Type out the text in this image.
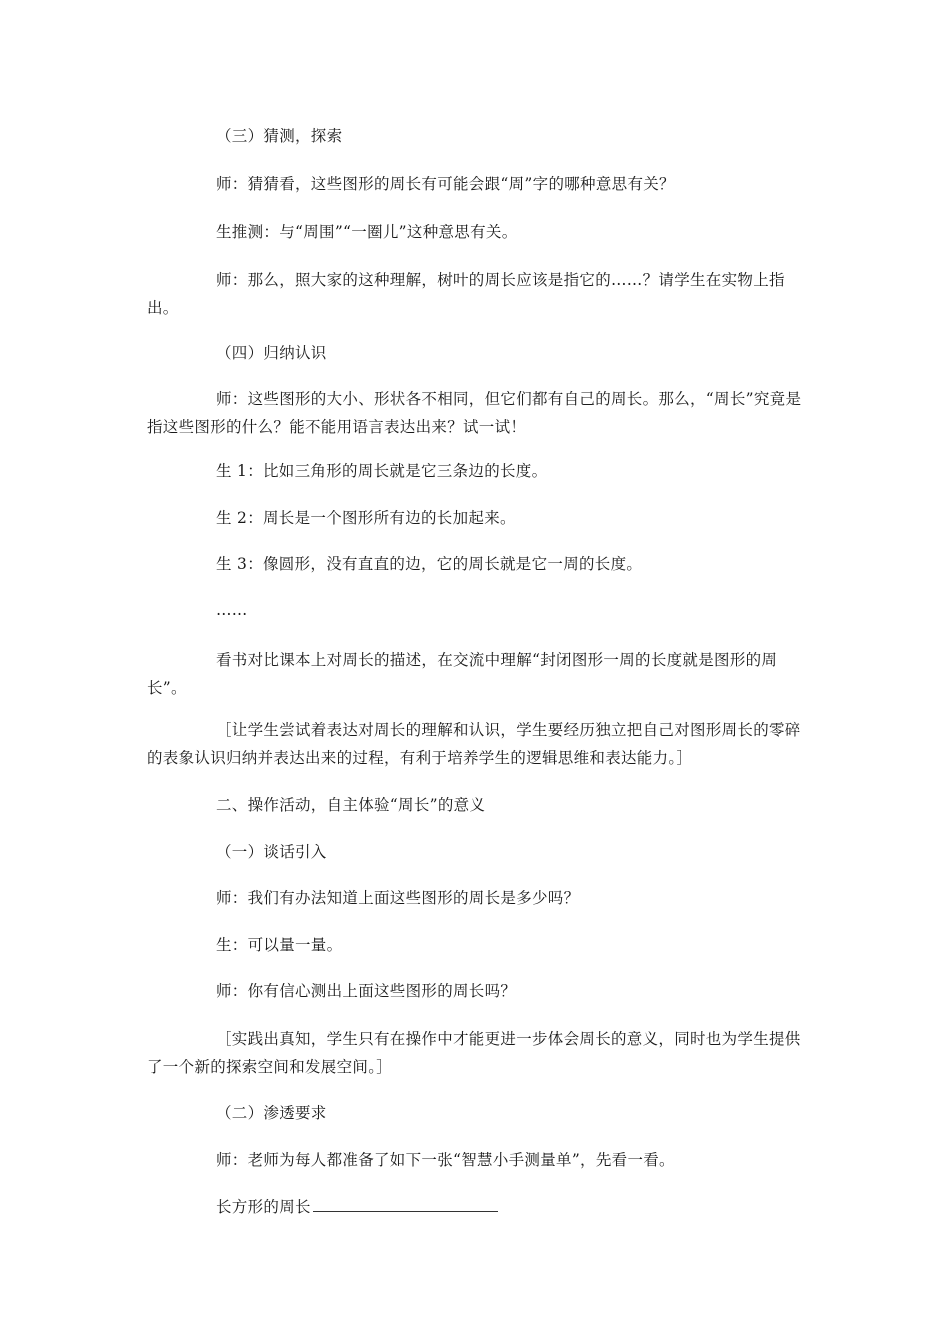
（三）猜测，探索

师：猜猜看，这些图形的周长有可能会跟“周”字的哪种意思有关？

生推测：与“周围”“一圈儿”这种意思有关。

师：那么，照大家的这种理解，树叶的周长应该是指它的……？请学生在实物上指出。

（四）归纳认识

师：这些图形的大小、形状各不相同，但它们都有自己的周长。那么，“周长”究竟是指这些图形的什么？能不能用语言表达出来？试一试！

生 1：比如三角形的周长就是它三条边的长度。

生 2：周长是一个图形所有边的长加起来。

生 3：像圆形，没有直直的边，它的周长就是它一周的长度。

……

看书对比课本上对周长的描述，在交流中理解“封闭图形一周的长度就是图形的周长”。

［让学生尝试着表达对周长的理解和认识，学生要经历独立把自己对图形周长的零碎的表象认识归纳并表达出来的过程，有利于培养学生的逻辑思维和表达能力。］

二、操作活动，自主体验“周长”的意义

（一）谈话引入

师：我们有办法知道上面这些图形的周长是多少吗？

生：可以量一量。

师：你有信心测出上面这些图形的周长吗？

［实践出真知，学生只有在操作中才能更进一步体会周长的意义，同时也为学生提供了一个新的探索空间和发展空间。］

（二）渗透要求

师：老师为每人都准备了如下一张“智慧小手测量单”，先看一看。

长方形的周长
